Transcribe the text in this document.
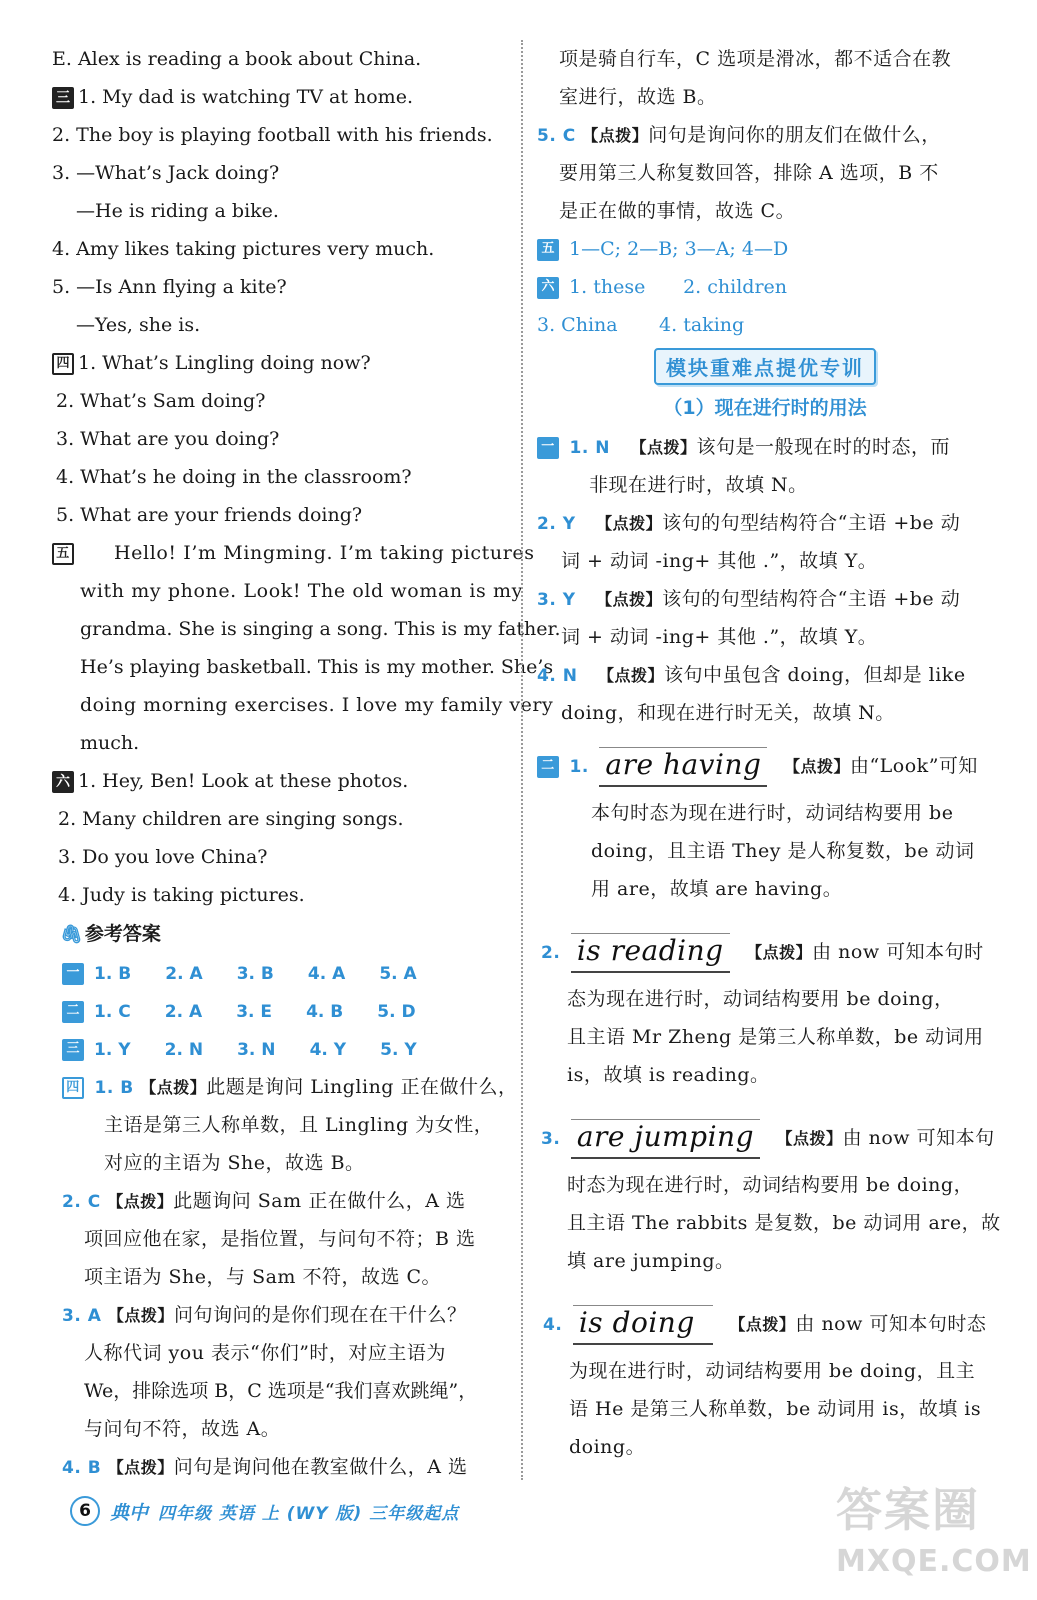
E. Alex is reading a book about China.
三 1. My dad is watching TV at home.
2. The boy is playing football with his friends.
3. —What’s Jack doing?
—He is riding a bike.
4. Amy likes taking pictures very much.
5. —Is Ann flying a kite?
—Yes, she is.
四 1. What’s Lingling doing now?
2. What’s Sam doing?
3. What are you doing?
4. What’s he doing in the classroom?
5. What are your friends doing?
五 Hello! I’m Mingming. I’m taking pictures
with my phone. Look! The old woman is my
grandma. She is singing a song. This is my father.
He’s playing basketball. This is my mother. She’s
doing morning exercises. I love my family very
much.
六 1. Hey, Ben! Look at these photos.
2. Many children are singing songs.
3. Do you love China?
4. Judy is taking pictures.
🖇 参考答案
一 1. B 2. A 3. B 4. A 5. A
二 1. C 2. A 3. E 4. B 5. D
三 1. Y 2. N 3. N 4. Y 5. Y
四 1. B 【点拨】此题是询问 Lingling 正在做什么，
主语是第三人称单数，且 Lingling 为女性，
对应的主语为 She，故选 B。
2. C 【点拨】此题询问 Sam 正在做什么，A 选
项回应他在家，是指位置，与问句不符；B 选
项主语为 She，与 Sam 不符，故选 C。
3. A 【点拨】问句询问的是你们现在在干什么？
人称代词 you 表示“你们”时，对应主语为
We，排除选项 B，C 选项是“我们喜欢跳绳”，
与问句不符，故选 A。
4. B 【点拨】问句是询问他在教室做什么，A 选
项是骑自行车，C 选项是滑冰，都不适合在教
室进行，故选 B。
5. C 【点拨】问句是询问你的朋友们在做什么，
要用第三人称复数回答，排除 A 选项，B 不
是正在做的事情，故选 C。
五 1—C; 2—B; 3—A; 4—D
六 1. these 2. children
3. China 4. taking
模块重难点提优专训
（1）现在进行时的用法
一 1. N 【点拨】该句是一般现在时的时态，而
非现在进行时，故填 N。
2. Y 【点拨】该句的句型结构符合“主语 +be 动
词 + 动词 -ing+ 其他 .”，故填 Y。
3. Y 【点拨】该句的句型结构符合“主语 +be 动
词 + 动词 -ing+ 其他 .”，故填 Y。
4. N 【点拨】该句中虽包含 doing，但却是 like
doing，和现在进行时无关，故填 N。
二 1. are having 【点拨】由“Look”可知
本句时态为现在进行时，动词结构要用 be
doing，且主语 They 是人称复数，be 动词
用 are，故填 are having。
2. is reading 【点拨】由 now 可知本句时
态为现在进行时，动词结构要用 be doing，
且主语 Mr Zheng 是第三人称单数，be 动词用
is，故填 is reading。
3. are jumping 【点拨】由 now 可知本句
时态为现在进行时，动词结构要用 be doing，
且主语 The rabbits 是复数，be 动词用 are，故
填 are jumping。
4. is doing 【点拨】由 now 可知本句时态
为现在进行时，动词结构要用 be doing，且主
语 He 是第三人称单数，be 动词用 is，故填 is
doing。
6	典中 四年级 英语 上 (WY 版) 三年级起点	答案圈
MXQE.COM
